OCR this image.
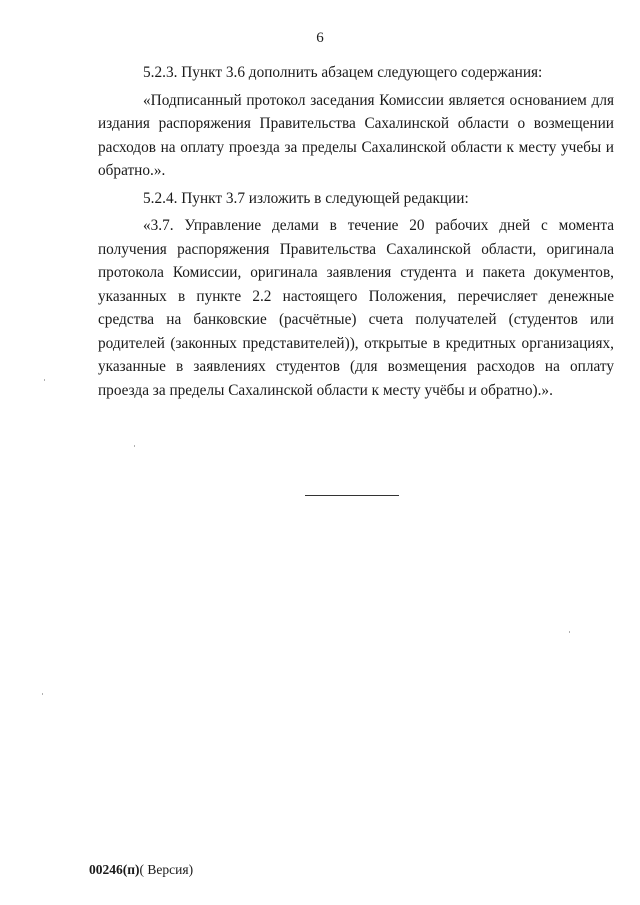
6

5.2.3. Пункт 3.6 дополнить абзацем следующего содержания:

«Подписанный протокол заседания Комиссии является основанием для издания распоряжения Правительства Сахалинской области о возмещении расходов на оплату проезда за пределы Сахалинской области к месту учебы и обратно.».

5.2.4. Пункт 3.7 изложить в следующей редакции:

«3.7. Управление делами в течение 20 рабочих дней с момента получения распоряжения Правительства Сахалинской области, оригинала протокола Комиссии, оригинала заявления студента и пакета документов, указанных в пункте 2.2 настоящего Положения, перечисляет денежные средства на банковские (расчётные) счета получателей (студентов или родителей (законных представителей)), открытые в кредитных организациях, указанные в заявлениях студентов (для возмещения расходов на оплату проезда за пределы Сахалинской области к месту учёбы и обратно).».

00246(п)( Версия)
